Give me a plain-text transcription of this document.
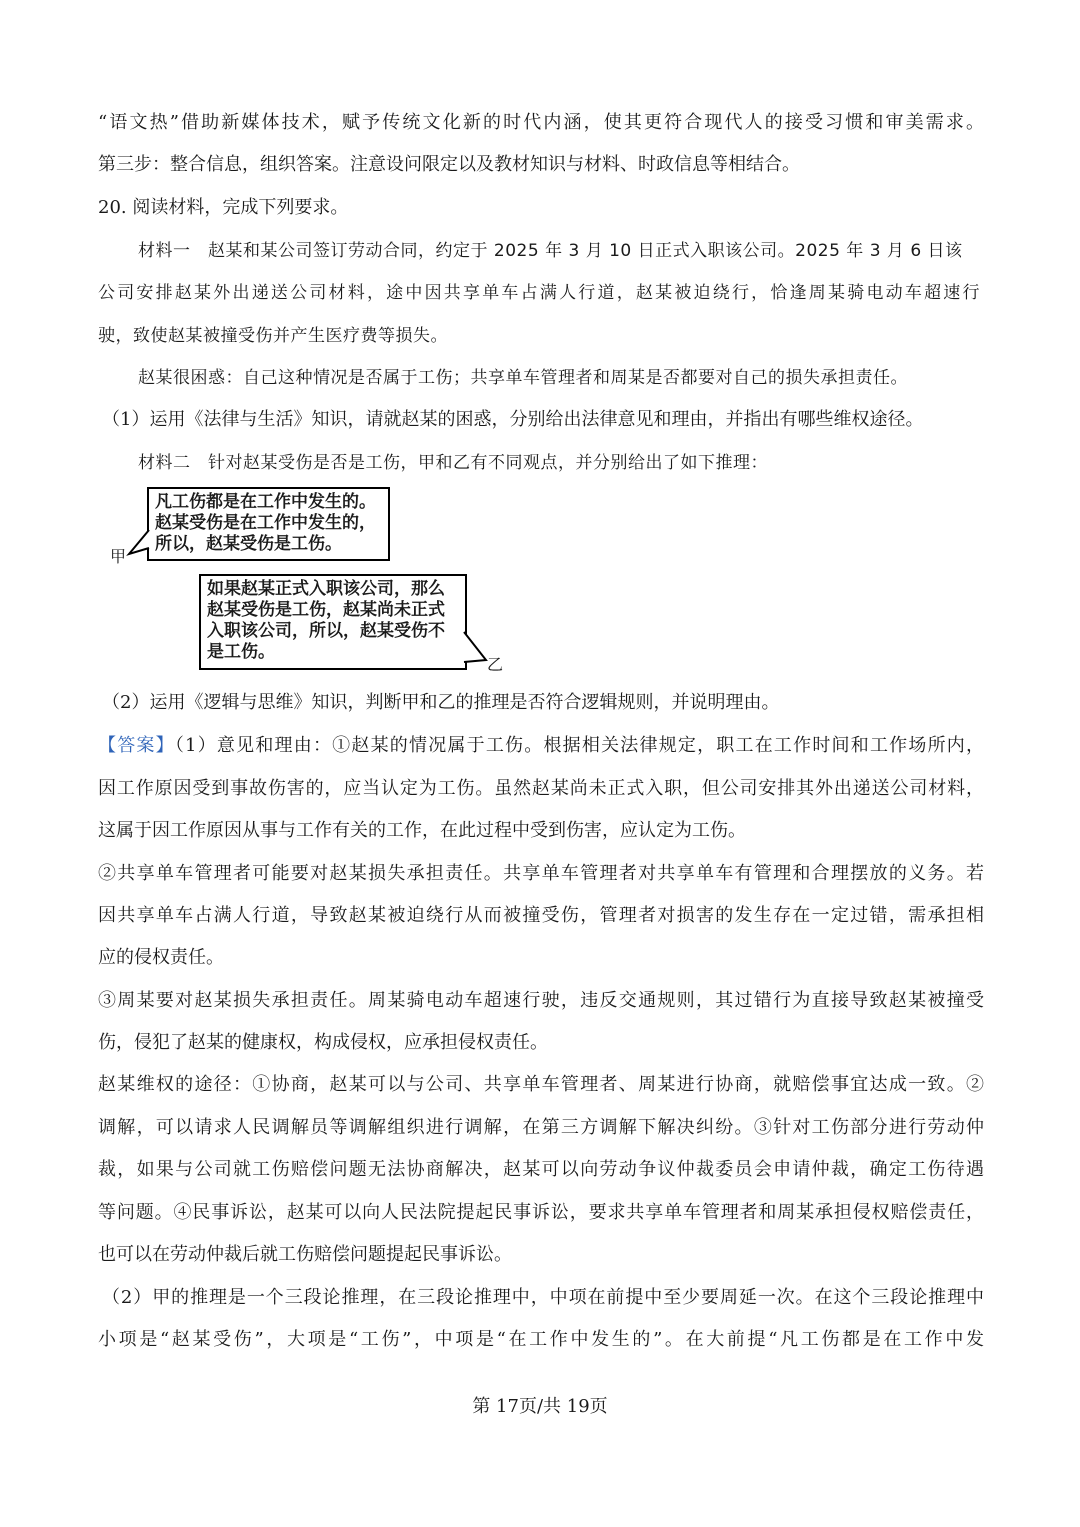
“语文热”借助新媒体技术，赋予传统文化新的时代内涵，使其更符合现代人的接受习惯和审美需求。
第三步：整合信息，组织答案。注意设问限定以及教材知识与材料、时政信息等相结合。
20. 阅读材料，完成下列要求。
材料一　赵某和某公司签订劳动合同，约定于 2025 年 3 月 10 日正式入职该公司。2025 年 3 月 6 日该
公司安排赵某外出递送公司材料，途中因共享单车占满人行道，赵某被迫绕行，恰逢周某骑电动车超速行
驶，致使赵某被撞受伤并产生医疗费等损失。
赵某很困惑：自己这种情况是否属于工伤；共享单车管理者和周某是否都要对自己的损失承担责任。
（1）运用《法律与生活》知识，请就赵某的困惑，分别给出法律意见和理由，并指出有哪些维权途径。
材料二　针对赵某受伤是否是工伤，甲和乙有不同观点，并分别给出了如下推理：
凡工伤都是在工作中发生的。
赵某受伤是在工作中发生的，
所以，赵某受伤是工伤。
甲
如果赵某正式入职该公司，那么
赵某受伤是工伤，赵某尚未正式
入职该公司，所以，赵某受伤不
是工伤。
乙
（2）运用《逻辑与思维》知识，判断甲和乙的推理是否符合逻辑规则，并说明理由。
【答案】（1）意见和理由：①赵某的情况属于工伤。根据相关法律规定，职工在工作时间和工作场所内，
因工作原因受到事故伤害的，应当认定为工伤。虽然赵某尚未正式入职，但公司安排其外出递送公司材料，
这属于因工作原因从事与工作有关的工作，在此过程中受到伤害，应认定为工伤。
②共享单车管理者可能要对赵某损失承担责任。共享单车管理者对共享单车有管理和合理摆放的义务。若
因共享单车占满人行道，导致赵某被迫绕行从而被撞受伤，管理者对损害的发生存在一定过错，需承担相
应的侵权责任。
③周某要对赵某损失承担责任。周某骑电动车超速行驶，违反交通规则，其过错行为直接导致赵某被撞受
伤，侵犯了赵某的健康权，构成侵权，应承担侵权责任。
赵某维权的途径：①协商，赵某可以与公司、共享单车管理者、周某进行协商，就赔偿事宜达成一致。②
调解，可以请求人民调解员等调解组织进行调解，在第三方调解下解决纠纷。③针对工伤部分进行劳动仲
裁，如果与公司就工伤赔偿问题无法协商解决，赵某可以向劳动争议仲裁委员会申请仲裁，确定工伤待遇
等问题。④民事诉讼，赵某可以向人民法院提起民事诉讼，要求共享单车管理者和周某承担侵权赔偿责任，
也可以在劳动仲裁后就工伤赔偿问题提起民事诉讼。
（2）甲的推理是一个三段论推理，在三段论推理中，中项在前提中至少要周延一次。在这个三段论推理中
小项是“赵某受伤”，大项是“工伤”，中项是“在工作中发生的”。在大前提“凡工伤都是在工作中发
第 17页/共 19页
